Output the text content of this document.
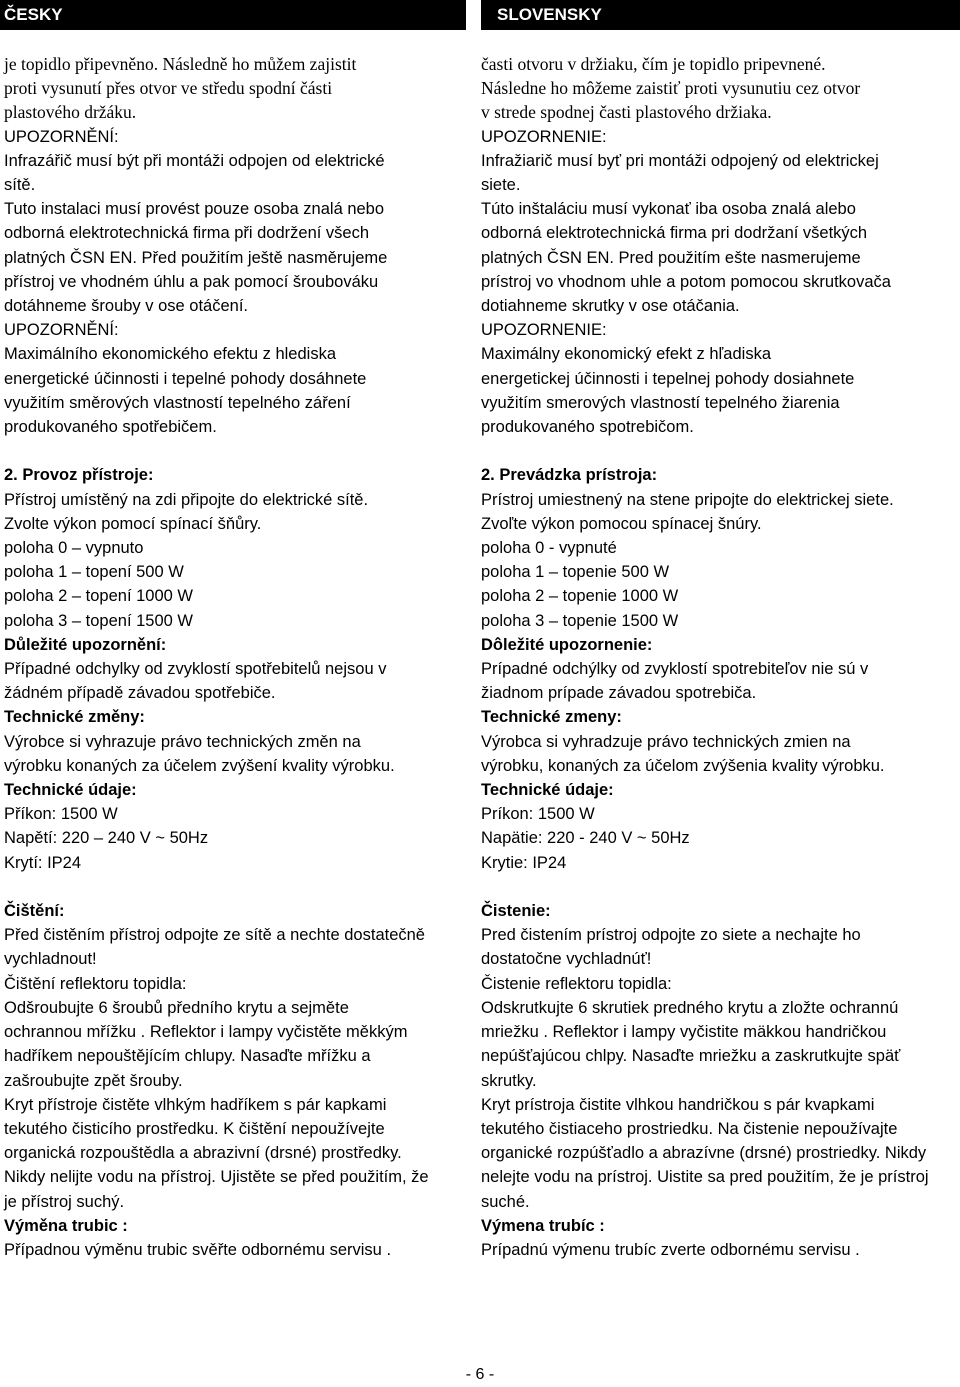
ČESKY
je topidlo připevněno. Následně ho můžem zajistit
proti vysunutí přes otvor ve středu spodní části
plastového držáku.
UPOZORNĚNÍ:
Infrazářič musí být při montáži odpojen od elektrické
sítě.
Tuto instalaci musí provést pouze osoba znalá nebo
odborná elektrotechnická firma při dodržení všech
platných ČSN EN. Před použitím ještě nasměrujeme
přístroj ve vhodném úhlu a pak pomocí šroubováku
dotáhneme šrouby v ose otáčení.
UPOZORNĚNÍ:
Maximálního ekonomického efektu z hlediska
energetické účinnosti i tepelné pohody dosáhnete
využitím směrových vlastností tepelného záření
produkovaného spotřebičem.
2. Provoz přístroje:
Přístroj umístěný na zdi připojte do elektrické sítě.
Zvolte výkon pomocí spínací šňůry.
poloha 0 – vypnuto
poloha 1 – topení 500 W
poloha 2 – topení 1000 W
poloha 3 – topení 1500 W
Důležité upozornění:
Případné odchylky od zvyklostí spotřebitelů nejsou v
žádném případě závadou spotřebiče.
Technické změny:
Výrobce si vyhrazuje právo technických změn na
výrobku konaných za účelem zvýšení kvality výrobku.
Technické údaje:
Příkon: 1500 W
Napětí: 220 – 240 V ~ 50Hz
Krytí: IP24
Čištění:
Před čistěním přístroj odpojte ze sítě a nechte dostatečně
vychladnout!
Čištění reflektoru topidla:
Odšroubujte 6 šroubů předního krytu a sejměte
ochrannou mřížku . Reflektor i lampy vyčistěte měkkým
hadříkem nepouštějícím chlupy. Nasaďte mřížku a
zašroubujte zpět šrouby.
Kryt přístroje čistěte vlhkým hadříkem s pár kapkami
tekutého čisticího prostředku. K čištění nepoužívejte
organická rozpouštědla a abrazivní (drsné) prostředky.
Nikdy nelijte vodu na přístroj. Ujistěte se před použitím, že
je přístroj suchý.
Výměna trubic :
Případnou výměnu trubic svěřte odbornému servisu .
SLOVENSKY
časti otvoru v držiaku, čím je topidlo pripevnené.
Následne ho môžeme zaistiť proti vysunutiu cez otvor
v strede spodnej časti plastového držiaka.
UPOZORNENIE:
Infražiarič musí byť pri montáži odpojený od elektrickej
siete.
Túto inštaláciu musí vykonať iba osoba znalá alebo
odborná elektrotechnická firma pri dodržaní všetkých
platných ČSN EN. Pred použitím ešte nasmerujeme
prístroj vo vhodnom uhle a potom pomocou skrutkovača
dotiahneme skrutky v ose otáčania.
UPOZORNENIE:
Maximálny ekonomický efekt z hľadiska
energetickej účinnosti i tepelnej pohody dosiahnete
využitím smerových vlastností tepelného žiarenia
produkovaného spotrebičom.
2. Prevádzka prístroja:
Prístroj umiestnený na stene pripojte do elektrickej siete.
Zvoľte výkon pomocou spínacej šnúry.
poloha 0 - vypnuté
poloha 1 – topenie 500 W
poloha 2 – topenie 1000 W
poloha 3 – topenie 1500 W
Dôležité upozornenie:
Prípadné odchýlky od zvyklostí spotrebiteľov nie sú v
žiadnom prípade závadou spotrebiča.
Technické zmeny:
Výrobca si vyhradzuje právo technických zmien na
výrobku, konaných za účelom zvýšenia kvality výrobku.
Technické údaje:
Príkon: 1500 W
Napätie: 220 - 240 V ~ 50Hz
Krytie: IP24
Čistenie:
Pred čistením prístroj odpojte zo siete a nechajte ho
dostatočne vychladnúť!
Čistenie reflektoru topidla:
Odskrutkujte 6 skrutiek predného krytu a zložte ochrannú
mriežku . Reflektor i lampy vyčistite mäkkou handričkou
nepúšťajúcou chlpy. Nasaďte mriežku a zaskrutkujte späť
skrutky.
Kryt prístroja čistite vlhkou handričkou s pár kvapkami
tekutého čistiaceho prostriedku. Na čistenie nepoužívajte
organické rozpúšťadlo a abrazívne (drsné) prostriedky. Nikdy
nelejte vodu na prístroj. Uistite sa pred použitím, že je prístroj
suché.
Výmena trubíc :
Prípadnú výmenu trubíc zverte odbornému servisu .
- 6 -
